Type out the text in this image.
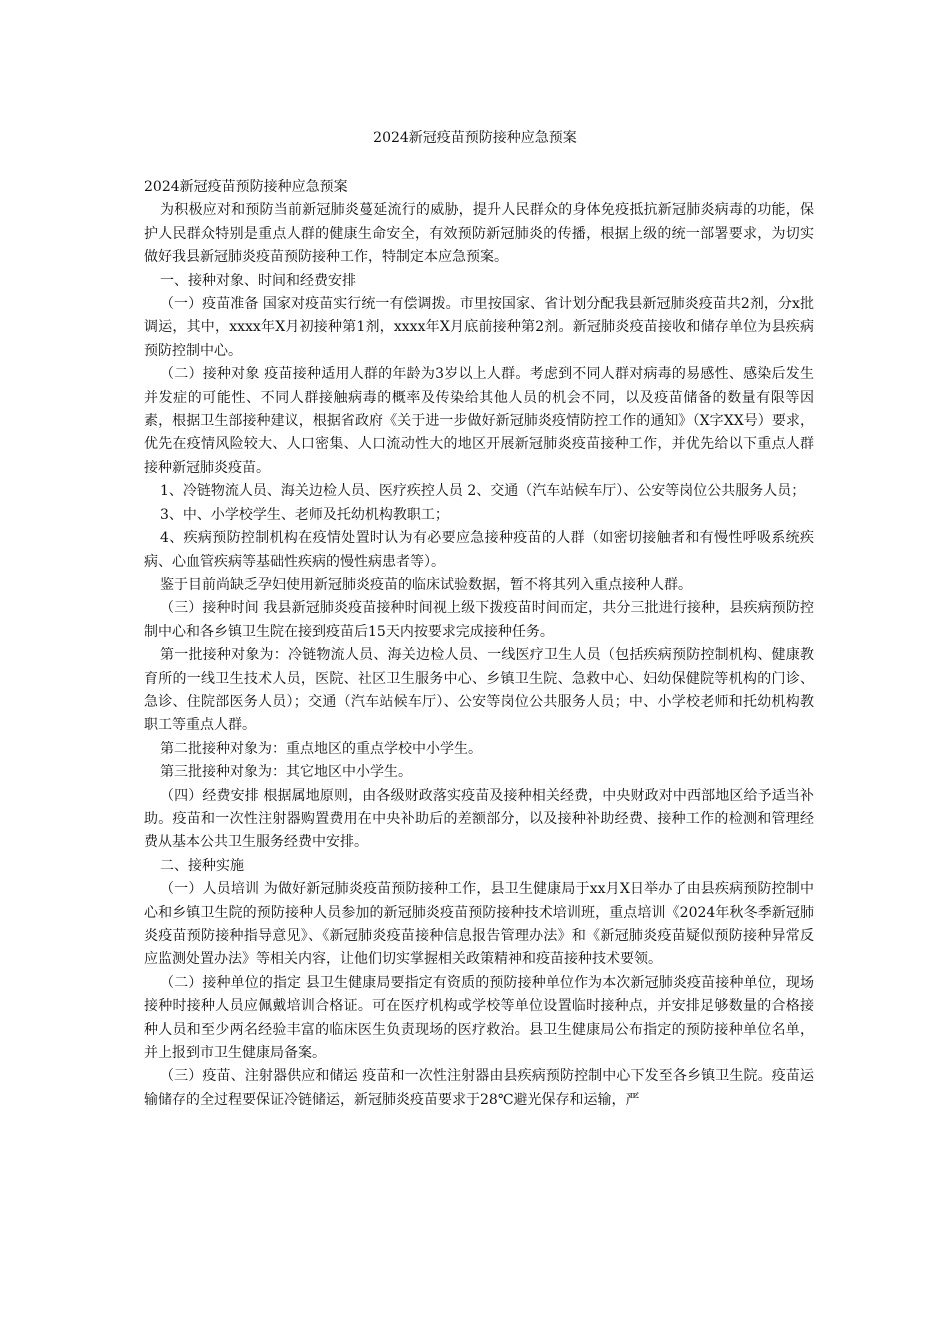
2024新冠疫苗预防接种应急预案

2024新冠疫苗预防接种应急预案

为积极应对和预防当前新冠肺炎蔓延流行的威胁，提升人民群众的身体免疫抵抗新冠肺炎病毒的功能，保护人民群众特别是重点人群的健康生命安全，有效预防新冠肺炎的传播，根据上级的统一部署要求，为切实做好我县新冠肺炎疫苗预防接种工作，特制定本应急预案。

一、接种对象、时间和经费安排

（一）疫苗准备 国家对疫苗实行统一有偿调拨。市里按国家、省计划分配我县新冠肺炎疫苗共2剂，分x批调运，其中，xxxx年X月初接种第1剂，xxxx年X月底前接种第2剂。新冠肺炎疫苗接收和储存单位为县疾病预防控制中心。

（二）接种对象 疫苗接种适用人群的年龄为3岁以上人群。考虑到不同人群对病毒的易感性、感染后发生并发症的可能性、不同人群接触病毒的概率及传染给其他人员的机会不同，以及疫苗储备的数量有限等因素，根据卫生部接种建议，根据省政府《关于进一步做好新冠肺炎疫情防控工作的通知》（X字XX号）要求，优先在疫情风险较大、人口密集、人口流动性大的地区开展新冠肺炎疫苗接种工作，并优先给以下重点人群接种新冠肺炎疫苗。

1、冷链物流人员、海关边检人员、医疗疾控人员 2、交通（汽车站候车厅）、公安等岗位公共服务人员；

3、中、小学校学生、老师及托幼机构教职工；

4、疾病预防控制机构在疫情处置时认为有必要应急接种疫苗的人群（如密切接触者和有慢性呼吸系统疾病、心血管疾病等基础性疾病的慢性病患者等）。

鉴于目前尚缺乏孕妇使用新冠肺炎疫苗的临床试验数据，暂不将其列入重点接种人群。

（三）接种时间 我县新冠肺炎疫苗接种时间视上级下拨疫苗时间而定，共分三批进行接种，县疾病预防控制中心和各乡镇卫生院在接到疫苗后15天内按要求完成接种任务。

第一批接种对象为：冷链物流人员、海关边检人员、一线医疗卫生人员（包括疾病预防控制机构、健康教育所的一线卫生技术人员，医院、社区卫生服务中心、乡镇卫生院、急救中心、妇幼保健院等机构的门诊、急诊、住院部医务人员）；交通（汽车站候车厅）、公安等岗位公共服务人员；中、小学校老师和托幼机构教职工等重点人群。

第二批接种对象为：重点地区的重点学校中小学生。

第三批接种对象为：其它地区中小学生。

（四）经费安排 根据属地原则，由各级财政落实疫苗及接种相关经费，中央财政对中西部地区给予适当补助。疫苗和一次性注射器购置费用在中央补助后的差额部分，以及接种补助经费、接种工作的检测和管理经费从基本公共卫生服务经费中安排。

二、接种实施

（一）人员培训 为做好新冠肺炎疫苗预防接种工作，县卫生健康局于xx月X日举办了由县疾病预防控制中心和乡镇卫生院的预防接种人员参加的新冠肺炎疫苗预防接种技术培训班，重点培训《2024年秋冬季新冠肺炎疫苗预防接种指导意见》、《新冠肺炎疫苗接种信息报告管理办法》和《新冠肺炎疫苗疑似预防接种异常反应监测处置办法》等相关内容，让他们切实掌握相关政策精神和疫苗接种技术要领。

（二）接种单位的指定 县卫生健康局要指定有资质的预防接种单位作为本次新冠肺炎疫苗接种单位，现场接种时接种人员应佩戴培训合格证。可在医疗机构或学校等单位设置临时接种点，并安排足够数量的合格接种人员和至少两名经验丰富的临床医生负责现场的医疗救治。县卫生健康局公布指定的预防接种单位名单，并上报到市卫生健康局备案。

（三）疫苗、注射器供应和储运 疫苗和一次性注射器由县疾病预防控制中心下发至各乡镇卫生院。疫苗运输储存的全过程要保证冷链储运，新冠肺炎疫苗要求于28℃避光保存和运输，严
